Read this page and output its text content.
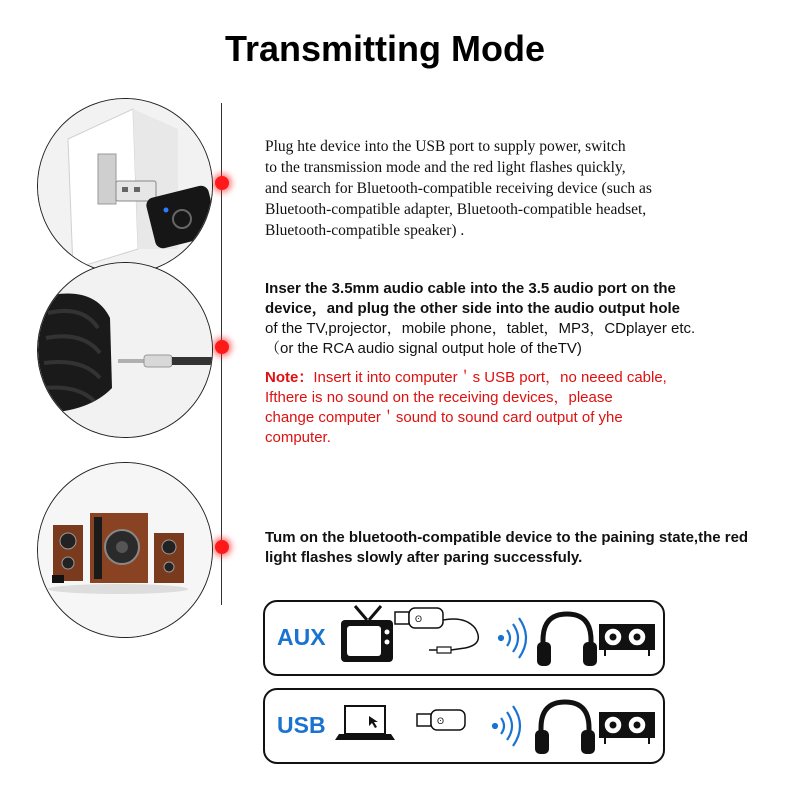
Transmitting Mode
Plug hte device into the USB port to supply power, switch
to the transmission mode and the red light flashes quickly,
and search for Bluetooth-compatible receiving device (such as
Bluetooth-compatible adapter, Bluetooth-compatible headset,
Bluetooth-compatible speaker) .
Inser the 3.5mm audio cable into the 3.5 audio port on the
device，and plug the other side into the audio output hole
of the TV,projector，mobile phone，tablet，MP3，CDplayer etc.
（or the RCA audio signal output hole of theTV)
Note：Insert it into computer＇s USB port，no neeed cable,
Ifthere is no sound on the receiving devices，please
change computer＇sound to sound card output of yhe
computer.
Tum on the bluetooth-compatible device to the paining state,the red
light flashes slowly after paring successfuly.
AUX
ʘ
USB	ʘ
